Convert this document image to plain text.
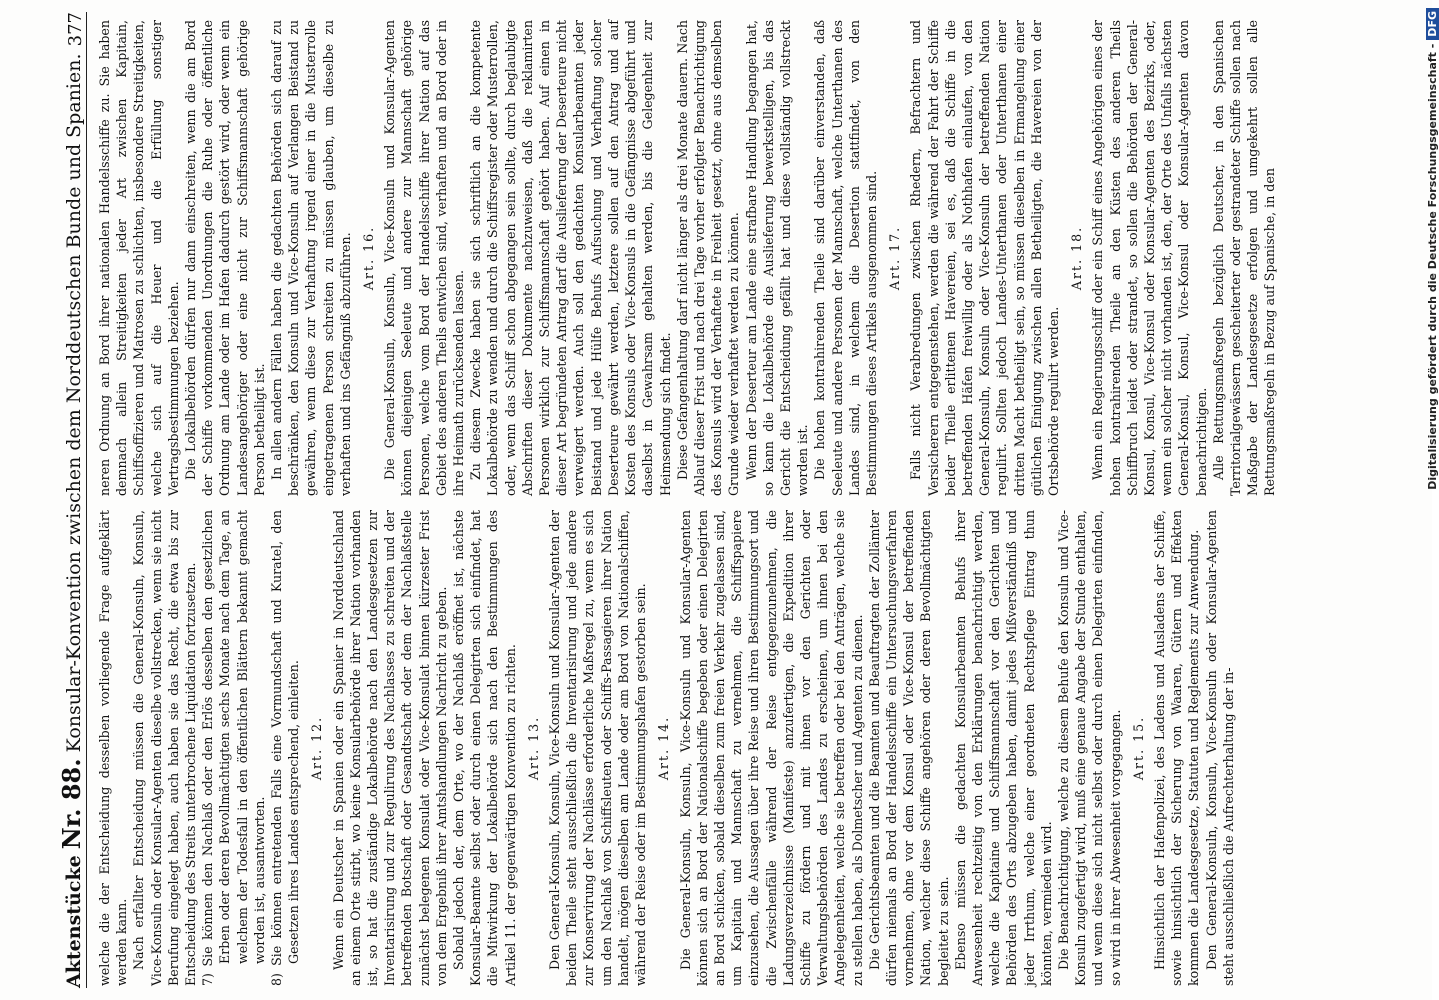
Aktenstücke Nr. 88. Konsular-Konvention zwischen dem Norddeutschen Bunde und Spanien.
377

welche die der Entscheidung desselben vorliegende Frage aufgeklärt werden kann. Nach erfallter Entscheidung müssen die General-Konsuln, Konsuln, Vice-Konsuln oder Konsular-Agenten dieselbe vollstrecken, wenn sie nicht Berufung eingelegt haben, auch haben sie das Recht, die etwa bis zur Entscheidung des Streits unterbrochene Liquidation fortzusetzen. 7) Sie können den Nachlaß oder den Erlös desselben den gesetzlichen Erben oder deren Bevollmächtigten sechs Monate nach dem Tage, an welchem der Todesfall in den öffentlichen Blättern bekannt gemacht worden ist, ausantworten.

8) Sie können entretenden Falls eine Vormundschaft und Kuratel, den Gesetzen ihres Landes entsprechend, einleiten. Art. 12. Wenn ein Deutscher in Spanien oder ein Spanier in Norddeutschland an einem Orte stirbt, wo keine Konsularbehörde ihrer Nation vorhanden ist, so hat die zuständige Lokalbehörde nach den Landesgesetzen zur Inventarisirung und zur Regulirung des Nachlasses zu schreiten und der betreffenden Botschaft oder Gesandtschaft oder dem der Nachlaßstelle zunächst belegenen Konsulat oder Vice-Konsulat binnen kürzester Frist von dem Ergebniß ihrer Amtshandlungen Nachricht zu geben. Sobald jedoch der, dem Orte, wo der Nachlaß eröffnet ist, nächste Konsular-Beamte selbst oder durch einen Delegirten sich einfindet, hat die Mitwirkung der Lokalbehörde sich nach den Bestimmungen des Artikel 11. der gegenwärtigen Konvention zu richten. Art. 13. Den General-Konsuln, Konsuln, Vice-Konsuln und Konsular-Agenten der beiden Theile steht ausschließlich die Inventarisirung und jede andere zur Konservirung der Nachlässe erforderliche Maßregel zu, wenn es sich um den Nachlaß von Schiffsleuten oder Schiffs-Passagieren ihrer Nation handelt, mögen dieselben am Lande oder am Bord von Nationalschiffen, während der Reise oder im Bestimmungshafen gestorben sein. Art. 14. Die General-Konsuln, Konsuln, Vice-Konsuln und Konsular-Agenten können sich an Bord der Nationalschiffe begeben oder einen Delegirten an Bord schicken, sobald dieselben zum freien Verkehr zugelassen sind, um Kapitain und Mannschaft zu vernehmen, die Schiffspapiere einzusehen, die Aussagen über ihre Reise und ihren Bestimmungsort und die Zwischenfälle während der Reise entgegenzunehmen, die Ladungsverzeichnisse (Manifeste) anzufertigen, die Expedition ihrer Schiffe zu fördern und mit ihnen vor den Gerichten oder Verwaltungsbehörden des Landes zu erscheinen, um ihnen bei den Angelegenheiten, welche sie betreffen oder bei den Anträgen, welche sie zu stellen haben, als Dolmetscher und Agenten zu dienen. Die Gerichtsbeamten und die Beamten und Beauftragten der Zollämter dürfen niemals an Bord der Handelsschiffe ein Untersuchungsverfahren vornehmen, ohne vor dem Konsul oder Vice-Konsul der betreffenden Nation, welcher diese Schiffe angehören oder deren Bevollmächtigten begleitet zu sein. Ebenso müssen die gedachten Konsularbeamten Behufs ihrer Anwesenheit rechtzeitig von den Erklärungen benachrichtigt werden, welche die Kapitaine und Schiffsmannschaft vor den Gerichten und Behörden des Orts abzugeben haben, damit jedes Mißverständniß und jeder Irrthum, welche einer geordneten Rechtspflege Eintrag thun könnten, vermieden wird. Die Benachrichtigung, welche zu diesem Behufe den Konsuln und Vice-Konsuln zugefertigt wird, muß eine genaue Angabe der Stunde enthalten, und wenn diese sich nicht selbst oder durch einen Delegirten einfinden, so wird in ihrer Abwesenheit vorgegangen. Art. 15. Hinsichtlich der Hafenpolizei, des Ladens und Ausladens der Schiffe, sowie hinsichtlich der Sicherung von Waaren, Gütern und Effekten kommen die Landesgesetze, Statuten und Reglements zur Anwendung. Den General-Konsuln, Konsuln, Vice-Konsuln oder Konsular-Agenten steht ausschließlich die Aufrechterhaltung der in-

neren Ordnung an Bord ihrer nationalen Handelsschiffe zu. Sie haben demnach allein Streitigkeiten jeder Art zwischen Kapitain, Schiffsoffizieren und Matrosen zu schlichten, insbesondere Streitigkeiten, welche sich auf die Heuer und die Erfüllung sonstiger Vertragsbestimmungen beziehen. Die Lokalbehörden dürfen nur dann einschreiten, wenn die am Bord der Schiffe vorkommenden Unordnungen die Ruhe oder öffentliche Ordnung am Lande oder im Hafen dadurch gestört wird, oder wenn ein Landesangehöriger oder eine nicht zur Schiffsmannschaft gehörige Person betheiligt ist. In allen andern Fällen haben die gedachten Behörden sich darauf zu beschränken, den Konsuln und Vice-Konsuln auf Verlangen Beistand zu gewähren, wenn diese zur Verhaftung irgend einer in die Musterrolle eingetragenen Person schreiten zu müssen glauben, um dieselbe zu verhaften und ins Gefängniß abzuführen. Art. 16. Die General-Konsuln, Konsuln, Vice-Konsuln und Konsular-Agenten können diejenigen Seeleute und andere zur Mannschaft gehörige Personen, welche vom Bord der Handelsschiffe ihrer Nation auf das Gebiet des anderen Theils entwichen sind, verhaften und an Bord oder in ihre Heimath zurücksenden lassen. Zu diesem Zwecke haben sie sich schriftlich an die kompetente Lokalbehörde zu wenden und durch die Schiffsregister oder Musterrollen, oder, wenn das Schiff schon abgegangen sein sollte, durch beglaubigte Abschriften dieser Dokumente nachzuweisen, daß die reklamirten Personen wirklich zur Schiffsmannschaft gehört haben. Auf einen in dieser Art begründeten Antrag darf die Auslieferung der Deserteure nicht verweigert werden. Auch soll den gedachten Konsularbeamten jeder Beistand und jede Hülfe Behufs Aufsuchung und Verhaftung solcher Deserteure gewährt werden, letztere sollen auf den Antrag und auf Kosten des Konsuls oder Vice-Konsuls in die Gefängnisse abgeführt und daselbst in Gewahrsam gehalten werden, bis die Gelegenheit zur Heimsendung sich findet. Diese Gefangenhaltung darf nicht länger als drei Monate dauern. Nach Ablauf dieser Frist und nach drei Tage vorher erfolgter Benachrichtigung des Konsuls wird der Verhaftete in Freiheit gesetzt, ohne aus demselben Grunde wieder verhaftet werden zu können. Wenn der Deserteur am Lande eine strafbare Handlung begangen hat, so kann die Lokalbehörde die Auslieferung bewerkstelligen, bis das Gericht die Entscheidung gefällt hat und diese vollständig vollstreckt worden ist. Die hohen kontrahirenden Theile sind darüber einverstanden, daß Seeleute und andere Personen der Mannschaft, welche Unterthanen des Landes sind, in welchem die Desertion stattfindet, von den Bestimmungen dieses Artikels ausgenommen sind. Art. 17. Falls nicht Verabredungen zwischen Rhedern, Befrachtern und Versicherern entgegenstehen, werden die während der Fahrt der Schiffe beider Theile erlittenen Havereien, sei es, daß die Schiffe in die betreffenden Häfen freiwillig oder als Nothhafen einlaufen, von den General-Konsuln, Konsuln oder Vice-Konsuln der betreffenden Nation regulirt. Sollten jedoch Landes-Unterthanen oder Unterthanen einer dritten Macht betheiligt sein, so müssen dieselben in Ermangelung einer gütlichen Einigung zwischen allen Betheiligten, die Havereien von der Ortsbehörde regulirt werden.

Art. 18. Wenn ein Regierungsschiff oder ein Schiff eines Angehörigen eines der hohen kontrahirenden Theile an den Küsten des anderen Theils Schiffbruch leidet oder strandet, so sollen die Behörden der General-Konsul, Konsul, Vice-Konsul oder Konsular-Agenten des Bezirks, oder, wenn ein solcher nicht vorhanden ist, den, der Orte des Unfalls nächsten General-Konsul, Konsul, Vice-Konsul oder Konsular-Agenten davon benachrichtigen. Alle Rettungsmaßregeln bezüglich Deutscher, in den Spanischen Territorialgewässern gescheiterter oder gestrandeter Schiffe sollen nach Maßgabe der Landesgesetze erfolgen und umgekehrt sollen alle Rettungsmaßregeln in Bezug auf Spanische, in den	Digitalisierung gefördert durch die Deutsche Forschungsgemeinschaft -DFG
